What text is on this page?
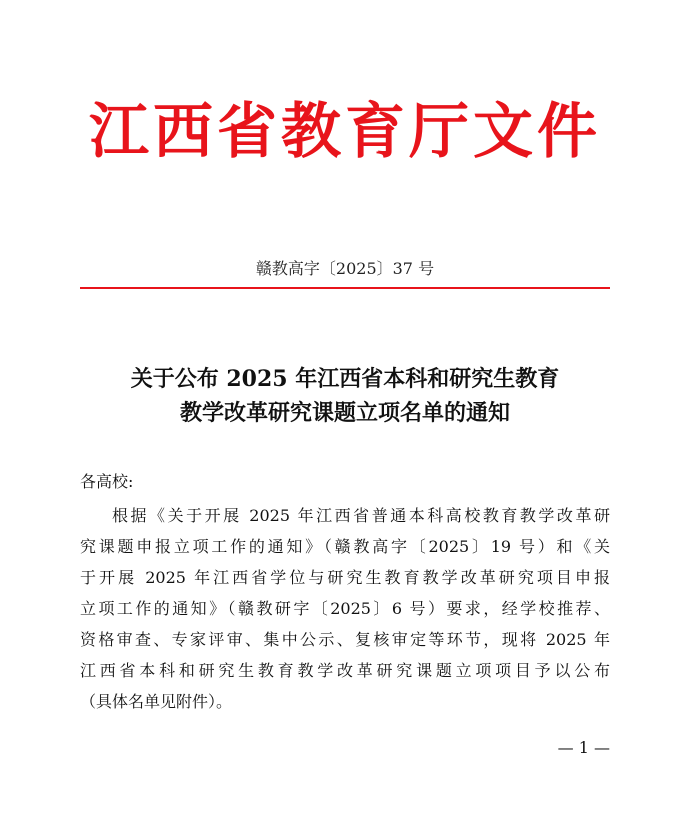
江西省教育厅文件
赣教高字〔2025〕37 号
关于公布 2025 年江西省本科和研究生教育
教学改革研究课题立项名单的通知
各高校:
根据《关于开展 2025 年江西省普通本科高校教育教学改革研
究课题申报立项工作的通知》（赣教高字〔2025〕19 号）和《关
于开展 2025 年江西省学位与研究生教育教学改革研究项目申报
立项工作的通知》（赣教研字〔2025〕6 号）要求，经学校推荐、
资格审查、专家评审、集中公示、复核审定等环节，现将 2025 年
江西省本科和研究生教育教学改革研究课题立项项目予以公布
（具体名单见附件）。
— 1 —
